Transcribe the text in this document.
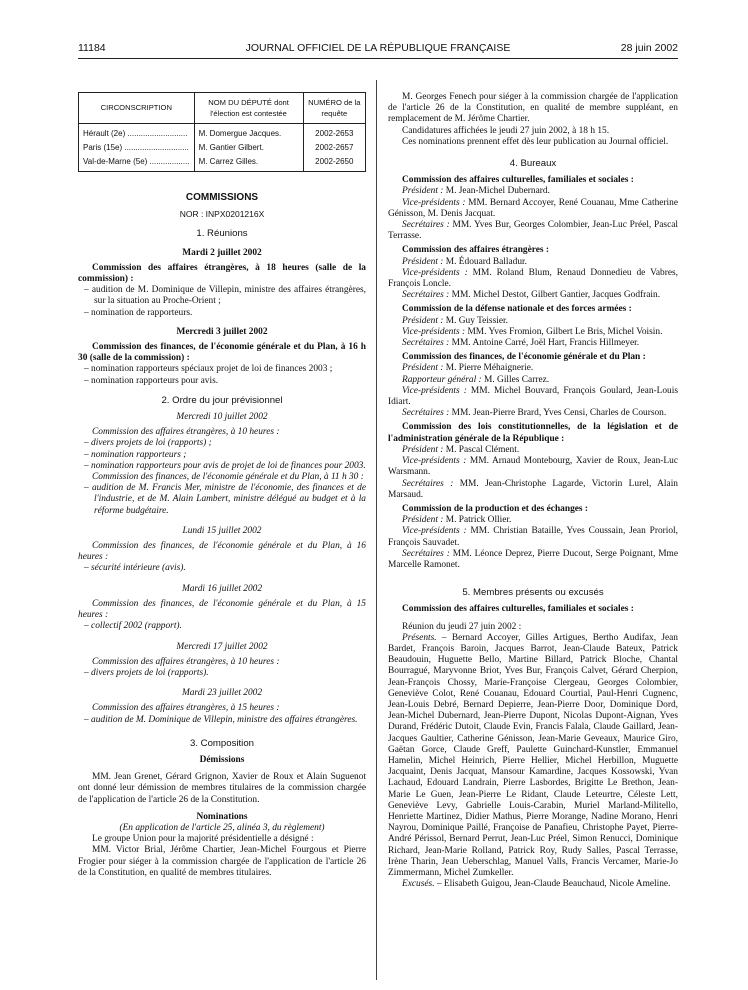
11184	JOURNAL OFFICIEL DE LA RÉPUBLIQUE FRANÇAISE	28 juin 2002
CIRCONSCRIPTION	NOM DU DÉPUTÉ dont l'élection est contestée	NUMÉRO de la requête
Hérault (2e) ...........................	M. Domergue Jacques.	2002-2653
Paris (15e) .............................	M. Gantier Gilbert.	2002-2657
Val-de-Marne (5e) ..................	M. Carrez Gilles.	2002-2650

COMMISSIONS

NOR : INPX0201216X

1. Réunions

Mardi 2 juillet 2002

Commission des affaires étrangères, à 18 heures (salle de la commission) :

– audition de M. Dominique de Villepin, ministre des affaires étrangères, sur la situation au Proche-Orient ;

– nomination de rapporteurs.

Mercredi 3 juillet 2002

Commission des finances, de l'économie générale et du Plan, à 16 h 30 (salle de la commission) :

– nomination rapporteurs spéciaux projet de loi de finances 2003 ;

– nomination rapporteurs pour avis.

2. Ordre du jour prévisionnel

Mercredi 10 juillet 2002

Commission des affaires étrangères, à 10 heures :

– divers projets de loi (rapports) ;

– nomination rapporteurs ;

– nomination rapporteurs pour avis de projet de loi de finances pour 2003.

Commission des finances, de l'économie générale et du Plan, à 11 h 30 :

– audition de M. Francis Mer, ministre de l'économie, des finances et de l'industrie, et de M. Alain Lambert, ministre délégué au budget et à la réforme budgétaire.

Lundi 15 juillet 2002

Commission des finances, de l'économie générale et du Plan, à 16 heures :

– sécurité intérieure (avis).

Mardi 16 juillet 2002

Commission des finances, de l'économie générale et du Plan, à 15 heures :

– collectif 2002 (rapport).

Mercredi 17 juillet 2002

Commission des affaires étrangères, à 10 heures :

– divers projets de loi (rapports).

Mardi 23 juillet 2002

Commission des affaires étrangères, à 15 heures :

– audition de M. Dominique de Villepin, ministre des affaires étrangères.

3. Composition

Démissions

MM. Jean Grenet, Gérard Grignon, Xavier de Roux et Alain Suguenot ont donné leur démission de membres titulaires de la commission chargée de l'application de l'article 26 de la Constitution.

Nominations

(En application de l'article 25, alinéa 3, du règlement)

Le groupe Union pour la majorité présidentielle a désigné :

MM. Victor Brial, Jérôme Chartier, Jean-Michel Fourgous et Pierre Frogier pour siéger à la commission chargée de l'application de l'article 26 de la Constitution, en qualité de membres titulaires.

M. Georges Fenech pour siéger à la commission chargée de l'application de l'article 26 de la Constitution, en qualité de membre suppléant, en remplacement de M. Jérôme Chartier.

Candidatures affichées le jeudi 27 juin 2002, à 18 h 15.

Ces nominations prennent effet dès leur publication au Journal officiel.

4. Bureaux

Commission des affaires culturelles, familiales et sociales :

Président : M. Jean-Michel Dubernard.

Vice-présidents : MM. Bernard Accoyer, René Couanau, Mme Catherine Génisson, M. Denis Jacquat.

Secrétaires : MM. Yves Bur, Georges Colombier, Jean-Luc Préel, Pascal Terrasse.

Commission des affaires étrangères :

Président : M. Édouard Balladur.

Vice-présidents : MM. Roland Blum, Renaud Donnedieu de Vabres, François Loncle.

Secrétaires : MM. Michel Destot, Gilbert Gantier, Jacques Godfrain.

Commission de la défense nationale et des forces armées :

Président : M. Guy Teissier.

Vice-présidents : MM. Yves Fromion, Gilbert Le Bris, Michel Voisin.

Secrétaires : MM. Antoine Carré, Joël Hart, Francis Hillmeyer.

Commission des finances, de l'économie générale et du Plan :

Président : M. Pierre Méhaignerie.

Rapporteur général : M. Gilles Carrez.

Vice-présidents : MM. Michel Bouvard, François Goulard, Jean-Louis Idiart.

Secrétaires : MM. Jean-Pierre Brard, Yves Censi, Charles de Courson.

Commission des lois constitutionnelles, de la législation et de l'administration générale de la République :

Président : M. Pascal Clément.

Vice-présidents : MM. Arnaud Montebourg, Xavier de Roux, Jean-Luc Warsmann.

Secrétaires : MM. Jean-Christophe Lagarde, Victorin Lurel, Alain Marsaud.

Commission de la production et des échanges :

Président : M. Patrick Ollier.

Vice-présidents : MM. Christian Bataille, Yves Coussain, Jean Proriol, François Sauvadet.

Secrétaires : MM. Léonce Deprez, Pierre Ducout, Serge Poignant, Mme Marcelle Ramonet.

5. Membres présents ou excusés

Commission des affaires culturelles, familiales et sociales :

Réunion du jeudi 27 juin 2002 :

Présents. – Bernard Accoyer, Gilles Artigues, Bertho Audifax, Jean Bardet, François Baroin, Jacques Barrot, Jean-Claude Bateux, Patrick Beaudouin, Huguette Bello, Martine Billard, Patrick Bloche, Chantal Bourragué, Maryvonne Briot, Yves Bur, François Calvet, Gérard Cherpion, Jean-François Chossy, Marie-Françoise Clergeau, Georges Colombier, Geneviève Colot, René Couanau, Edouard Courtial, Paul-Henri Cugnenc, Jean-Louis Debré, Bernard Depierre, Jean-Pierre Door, Dominique Dord, Jean-Michel Dubernard, Jean-Pierre Dupont, Nicolas Dupont-Aignan, Yves Durand, Frédéric Dutoit, Claude Evin, Francis Falala, Claude Gaillard, Jean-Jacques Gaultier, Catherine Génisson, Jean-Marie Geveaux, Maurice Giro, Gaëtan Gorce, Claude Greff, Paulette Guinchard-Kunstler, Emmanuel Hamelin, Michel Heinrich, Pierre Hellier, Michel Herbillon, Muguette Jacquaint, Denis Jacquat, Mansour Kamardine, Jacques Kossowski, Yvan Lachaud, Edouard Landrain, Pierre Lasbordes, Brigitte Le Brethon, Jean-Marie Le Guen, Jean-Pierre Le Ridant, Claude Leteurtre, Céleste Lett, Geneviève Levy, Gabrielle Louis-Carabin, Muriel Marland-Militello, Henriette Martinez, Didier Mathus, Pierre Morange, Nadine Morano, Henri Nayrou, Dominique Paillé, Françoise de Panafieu, Christophe Payet, Pierre-André Périssol, Bernard Perrut, Jean-Luc Préel, Simon Renucci, Dominique Richard, Jean-Marie Rolland, Patrick Roy, Rudy Salles, Pascal Terrasse, Irène Tharin, Jean Ueberschlag, Manuel Valls, Francis Vercamer, Marie-Jo Zimmermann, Michel Zumkeller.

Excusés. – Elisabeth Guigou, Jean-Claude Beauchaud, Nicole Ameline.
